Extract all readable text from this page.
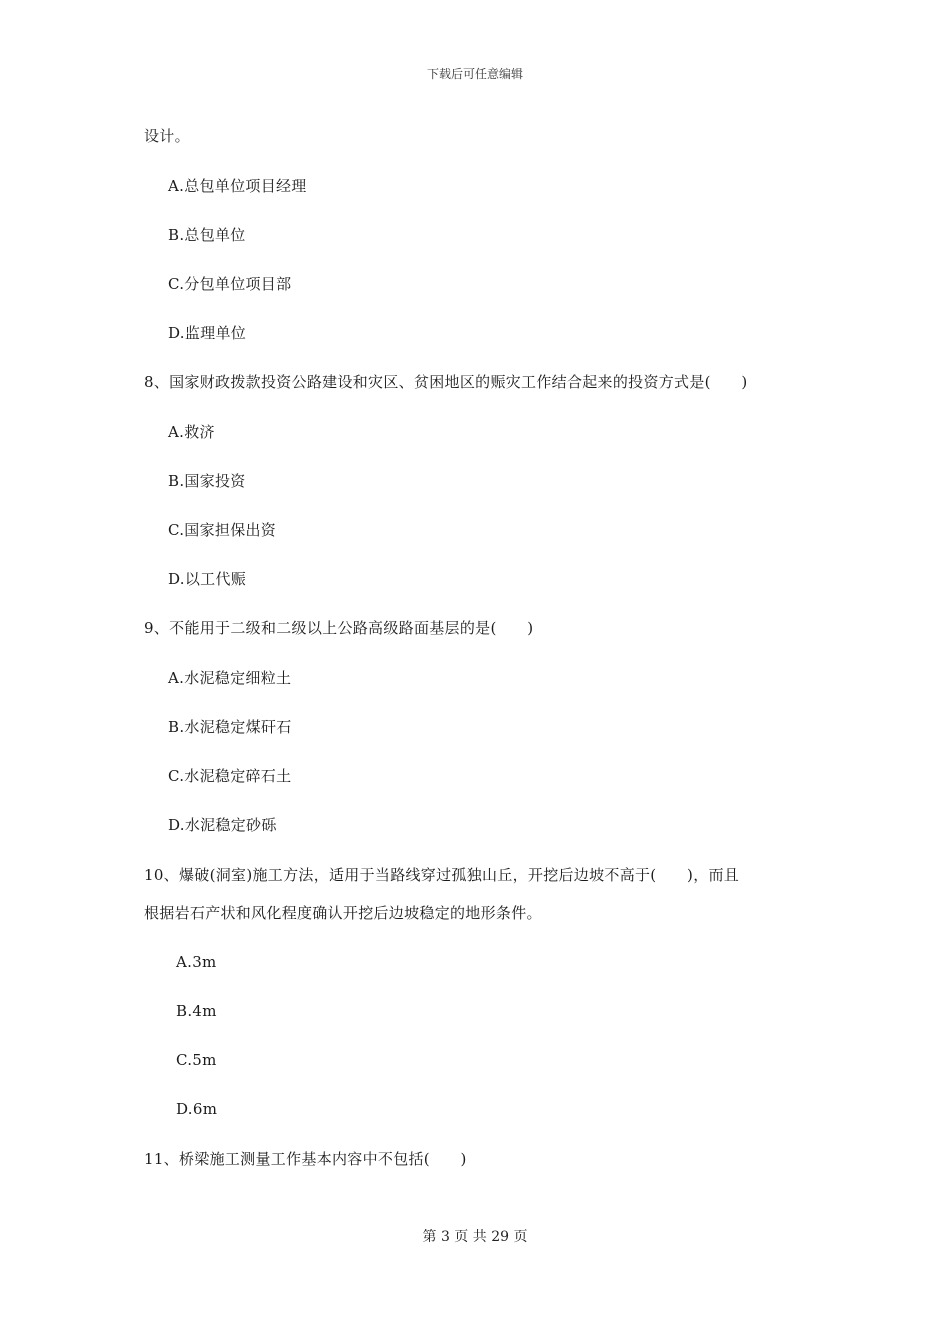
下载后可任意编辑
设计。
A.总包单位项目经理
B.总包单位
C.分包单位项目部
D.监理单位
8、国家财政拨款投资公路建设和灾区、贫困地区的赈灾工作结合起来的投资方式是(　　)
A.救济
B.国家投资
C.国家担保出资
D.以工代赈
9、不能用于二级和二级以上公路高级路面基层的是(　　)
A.水泥稳定细粒土
B.水泥稳定煤矸石
C.水泥稳定碎石土
D.水泥稳定砂砾
10、爆破(洞室)施工方法，适用于当路线穿过孤独山丘，开挖后边坡不高于(　　)，而且
根据岩石产状和风化程度确认开挖后边坡稳定的地形条件。
A.3m
B.4m
C.5m
D.6m
11、桥梁施工测量工作基本内容中不包括(　　)
第 3 页 共 29 页
